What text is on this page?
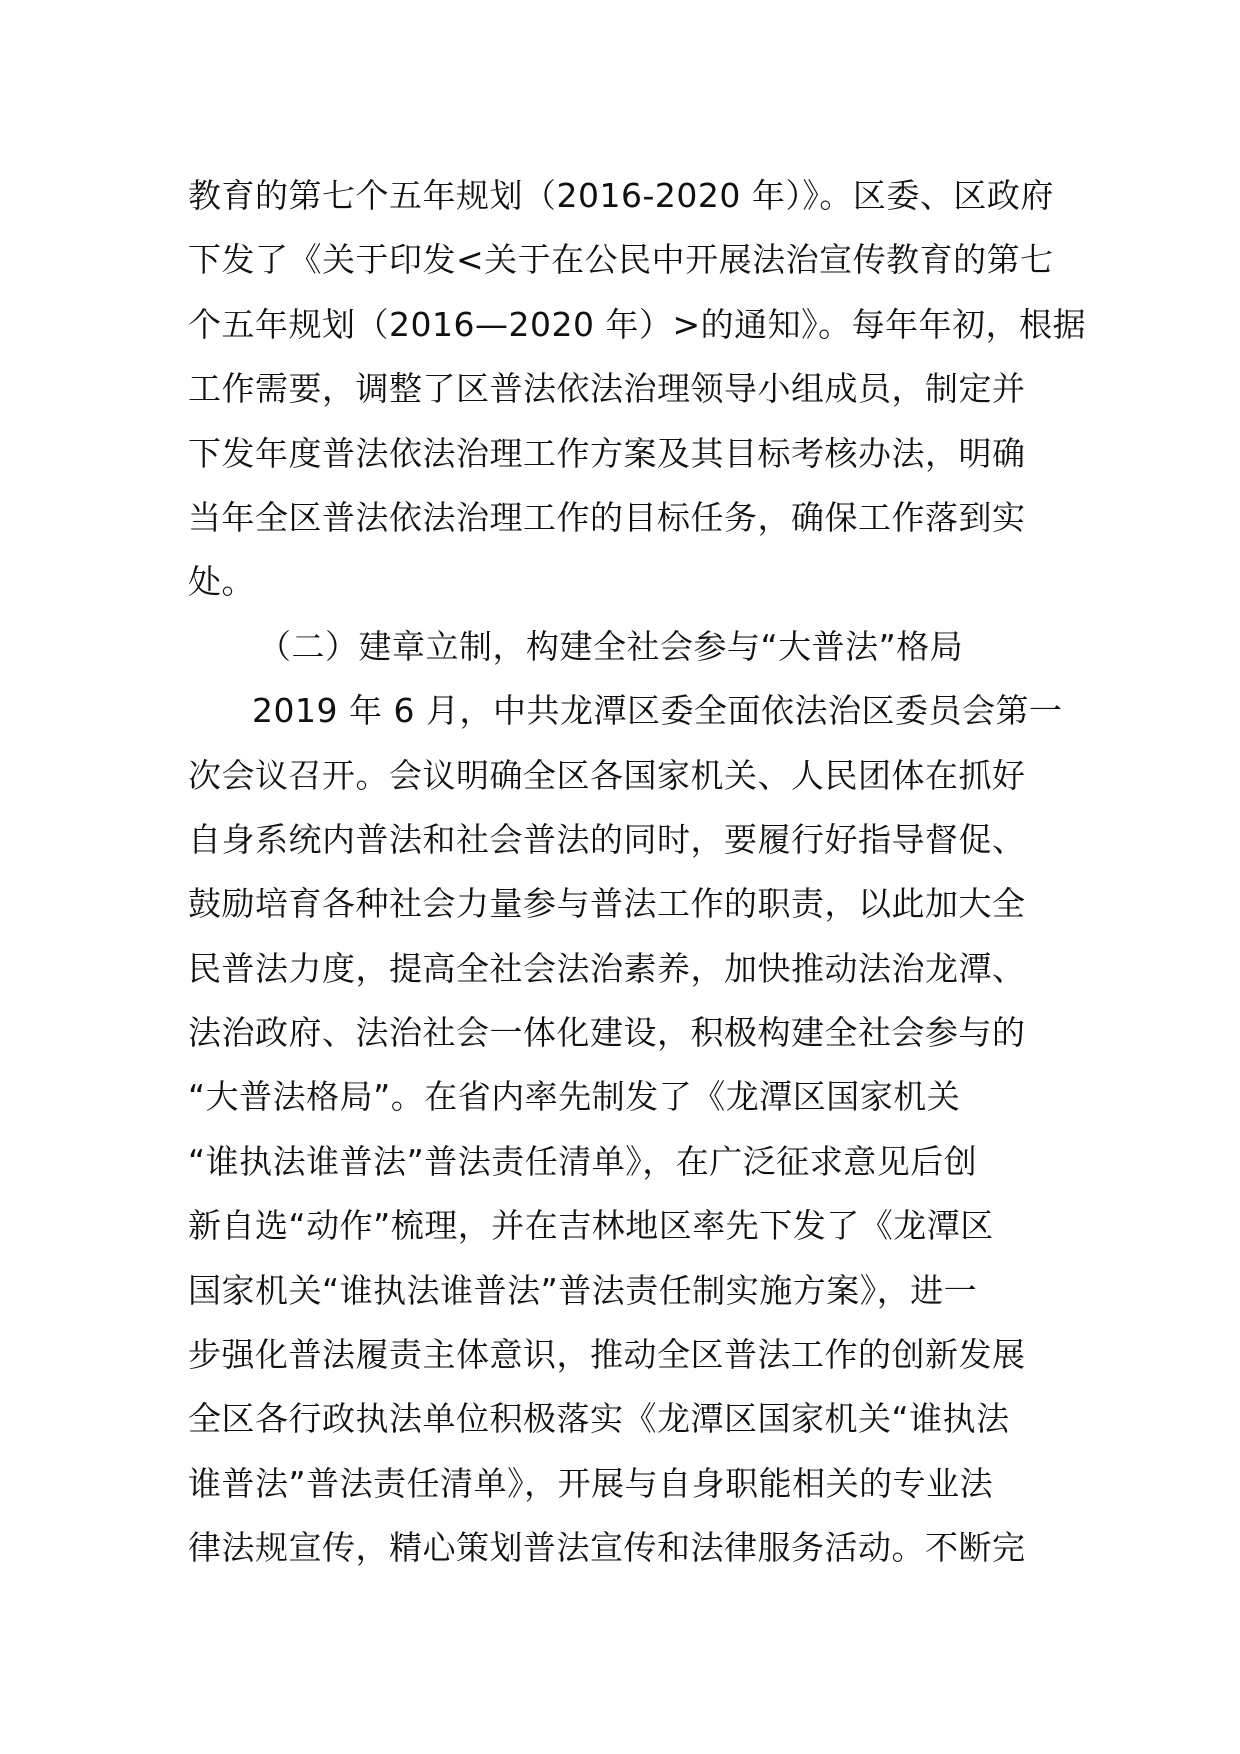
教育的第七个五年规划（2016-2020 年）》。区委、区政府
下发了《关于印发<关于在公民中开展法治宣传教育的第七
个五年规划（2016—2020 年）>的通知》。每年年初，根据
工作需要，调整了区普法依法治理领导小组成员，制定并
下发年度普法依法治理工作方案及其目标考核办法，明确
当年全区普法依法治理工作的目标任务，确保工作落到实
处。
（二）建章立制，构建全社会参与“大普法”格局
2019 年 6 月，中共龙潭区委全面依法治区委员会第一
次会议召开。会议明确全区各国家机关、人民团体在抓好
自身系统内普法和社会普法的同时，要履行好指导督促、
鼓励培育各种社会力量参与普法工作的职责，以此加大全
民普法力度，提高全社会法治素养，加快推动法治龙潭、
法治政府、法治社会一体化建设，积极构建全社会参与的
“大普法格局”。在省内率先制发了《龙潭区国家机关
“谁执法谁普法”普法责任清单》，在广泛征求意见后创
新自选“动作”梳理，并在吉林地区率先下发了《龙潭区
国家机关“谁执法谁普法”普法责任制实施方案》，进一
步强化普法履责主体意识，推动全区普法工作的创新发展
全区各行政执法单位积极落实《龙潭区国家机关“谁执法
谁普法”普法责任清单》，开展与自身职能相关的专业法
律法规宣传，精心策划普法宣传和法律服务活动。不断完
